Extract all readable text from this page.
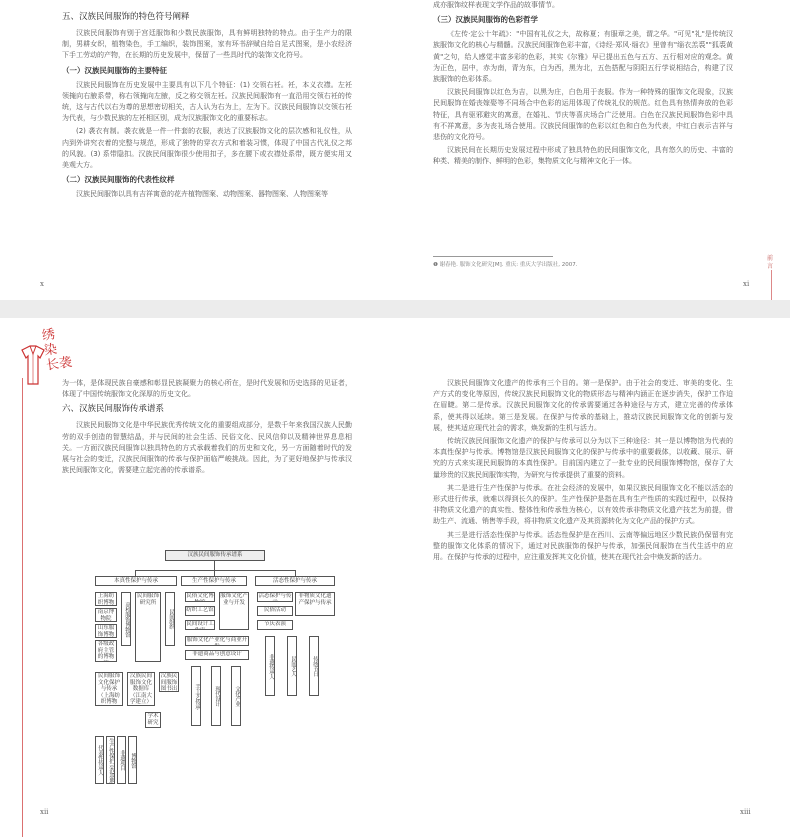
五、汉族民间服饰的特色符号阐释

汉族民间服饰有别于宫廷服饰和少数民族服饰，具有鲜明独特的特点。由于生产力的限制，男耕女织，植物染色，手工编织，装饰图案，家有环书辞赋自给自足式图案，是小农经济下手工劳动的产物，在长期的历史发展中，保留了一些具时代的装饰文化符号。

（一）汉族民间服饰的主要特征

汉族民间服饰在历史发展中主要具有以下几个特征：(1) 交领右衽。衽，本义衣襟。左衽领掩向右腋系带，称右领掩向左腋，反之称交领左衽。汉族民间服饰有一直沿用交领右衽的传统，这与古代以右为尊的思想密切相关，古人认为右为上，左为下。汉族民间服饰以交领右衽为代表，与少数民族的左衽相区别，成为汉族服饰文化的重要标志。

(2) 袭衣有制。袭衣就是一件一件套的衣服，表达了汉族服饰文化的层次感和礼仪性，从内到外讲究衣着的完整与规范，形成了独特的穿衣方式和着装习惯，体现了中国古代礼仪之邦的风貌。(3) 系带隐扣。汉族民间服饰很少使用扣子，多在腰下或衣襟处系带，既方便实用又美观大方。

（二）汉族民间服饰的代表性纹样

汉族民间服饰以具有吉祥寓意的花卉植物图案、动物图案、器物图案、人物图案等

x

成亦服饰纹样表现文学作品的故事情节。

（三）汉族民间服饰的色彩哲学

《左传·定公十年疏》："中国有礼仪之大，故称夏；有服章之美，谓之华。"可见"礼"是传统汉族服饰文化的核心与精髓。汉族民间服饰色彩丰富，《诗经·郑风·缁衣》里曾有"缁衣羔裘""狐裘黄黄"之句，给人感觉丰富多彩的色彩，其实《尔雅》早已提出五色与五方、五行相对应的观念。黄为正色，居中，赤为南，青为东，白为西，黑为北，五色搭配与阴阳五行学说相结合，构建了汉族服饰的色彩体系。

汉族民间服饰以红色为吉，以黑为庄，白色用于丧服。作为一种特殊的服饰文化现象，汉族民间服饰在婚丧嫁娶等不同场合中色彩的运用体现了传统礼仪的规范。红色具有热情奔放的色彩特征，具有驱邪避灾的寓意，在婚礼、节庆等喜庆场合广泛使用。白色在汉族民间服饰色彩中具有不祥寓意，多为丧礼场合使用。汉族民间服饰的色彩以红色和白色为代表，中红白表示吉祥与悲伤的文化符号。

汉族民间在长期历史发展过程中形成了独具特色的民间服饰文化，具有悠久的历史、丰富的种类、精美的制作、鲜明的色彩，集物质文化与精神文化于一体。

❶ 谢春艳. 服饰文化研究[M]. 重庆: 重庆大学出版社, 2007.
前言
xi
绣
染
长袭

为一体，是体现民族自豪感和彰显民族凝聚力的核心所在，是时代发展和历史选择的见证者，体现了中国传统服饰文化深厚的历史文化。

六、汉族民间服饰传承谱系

汉族民间服饰文化是中华民族优秀传统文化的重要组成部分，是数千年来我国汉族人民勤劳的双手创造的智慧结晶，并与民间的社会生活、民俗文化、民风信仰以及精神世界息息相关。一方面汉族民间服饰以独具特色的方式承载着我们的历史和文化，另一方面随着时代的发展与社会的变迁，汉族民间服饰的传承与保护面临严峻挑战。因此，为了更好地保护与传承汉族民间服饰文化，需要建立起完善的传承谱系。

汉族民间服饰传承谱系
本真性保护与传承	生产性保护与传承	活态性保护与传承
上海纺织博物
南京博物院
山东服饰博物
各级政府主管的博物
高校服饰博物馆
民间服饰研究所
民间组织
民间服饰文化保护与传承（上海纺织博物
汉族民间服饰文化数据库（江南大学建立）
汉族民间服饰图书出
学术研究
代表性传承人 生产性保护示范基地 非遗项目 博物馆
民俗文化博
纺织工艺馆
民间设计工
服饰文化产业与开发
服饰文化产业化与商业开
非遗商品与创意设计
手工艺传承	现代设计	文化产业
活态保护与传	非物质文化遗产保护与传承
民俗活动
节庆表演
非遗传承人	民间艺人	传统节日
xii

汉族民间服饰文化遗产的传承有三个目的。第一是保护。由于社会的变迁、审美的变化、生产方式的变化等原因，传统汉族民间服饰文化的物质形态与精神内涵正在逐步消失，保护工作迫在眉睫。第二是传承。汉族民间服饰文化的传承需要通过各种途径与方式，建立完善的传承体系，使其得以延续。第三是发展。在保护与传承的基础上，推动汉族民间服饰文化的创新与发展，使其适应现代社会的需求，焕发新的生机与活力。

传统汉族民间服饰文化遗产的保护与传承可以分为以下三种途径：其一是以博物馆为代表的本真性保护与传承。博物馆是汉族民间服饰文化的保护与传承中的重要载体，以收藏、展示、研究的方式来实现民间服饰的本真性保护。目前国内建立了一批专业的民间服饰博物馆，保存了大量珍贵的汉族民间服饰实物，为研究与传承提供了重要的资料。

其二是进行生产性保护与传承。在社会经济的发展中，如果汉族民间服饰文化不能以活态的形式进行传承，就难以得到长久的保护。生产性保护是指在具有生产性质的实践过程中，以保持非物质文化遗产的真实性、整体性和传承性为核心，以有效传承非物质文化遗产技艺为前提，借助生产、流通、销售等手段，将非物质文化遗产及其资源转化为文化产品的保护方式。

其三是进行活态性保护与传承。活态性保护是在西川、云南等偏远地区少数民族仍保留有完整的服饰文化体系的情况下，通过对民族服饰的保护与传承，加强民间服饰在当代生活中的应用。在保护与传承的过程中，应注重发挥其文化价值，使其在现代社会中焕发新的活力。

xiii
